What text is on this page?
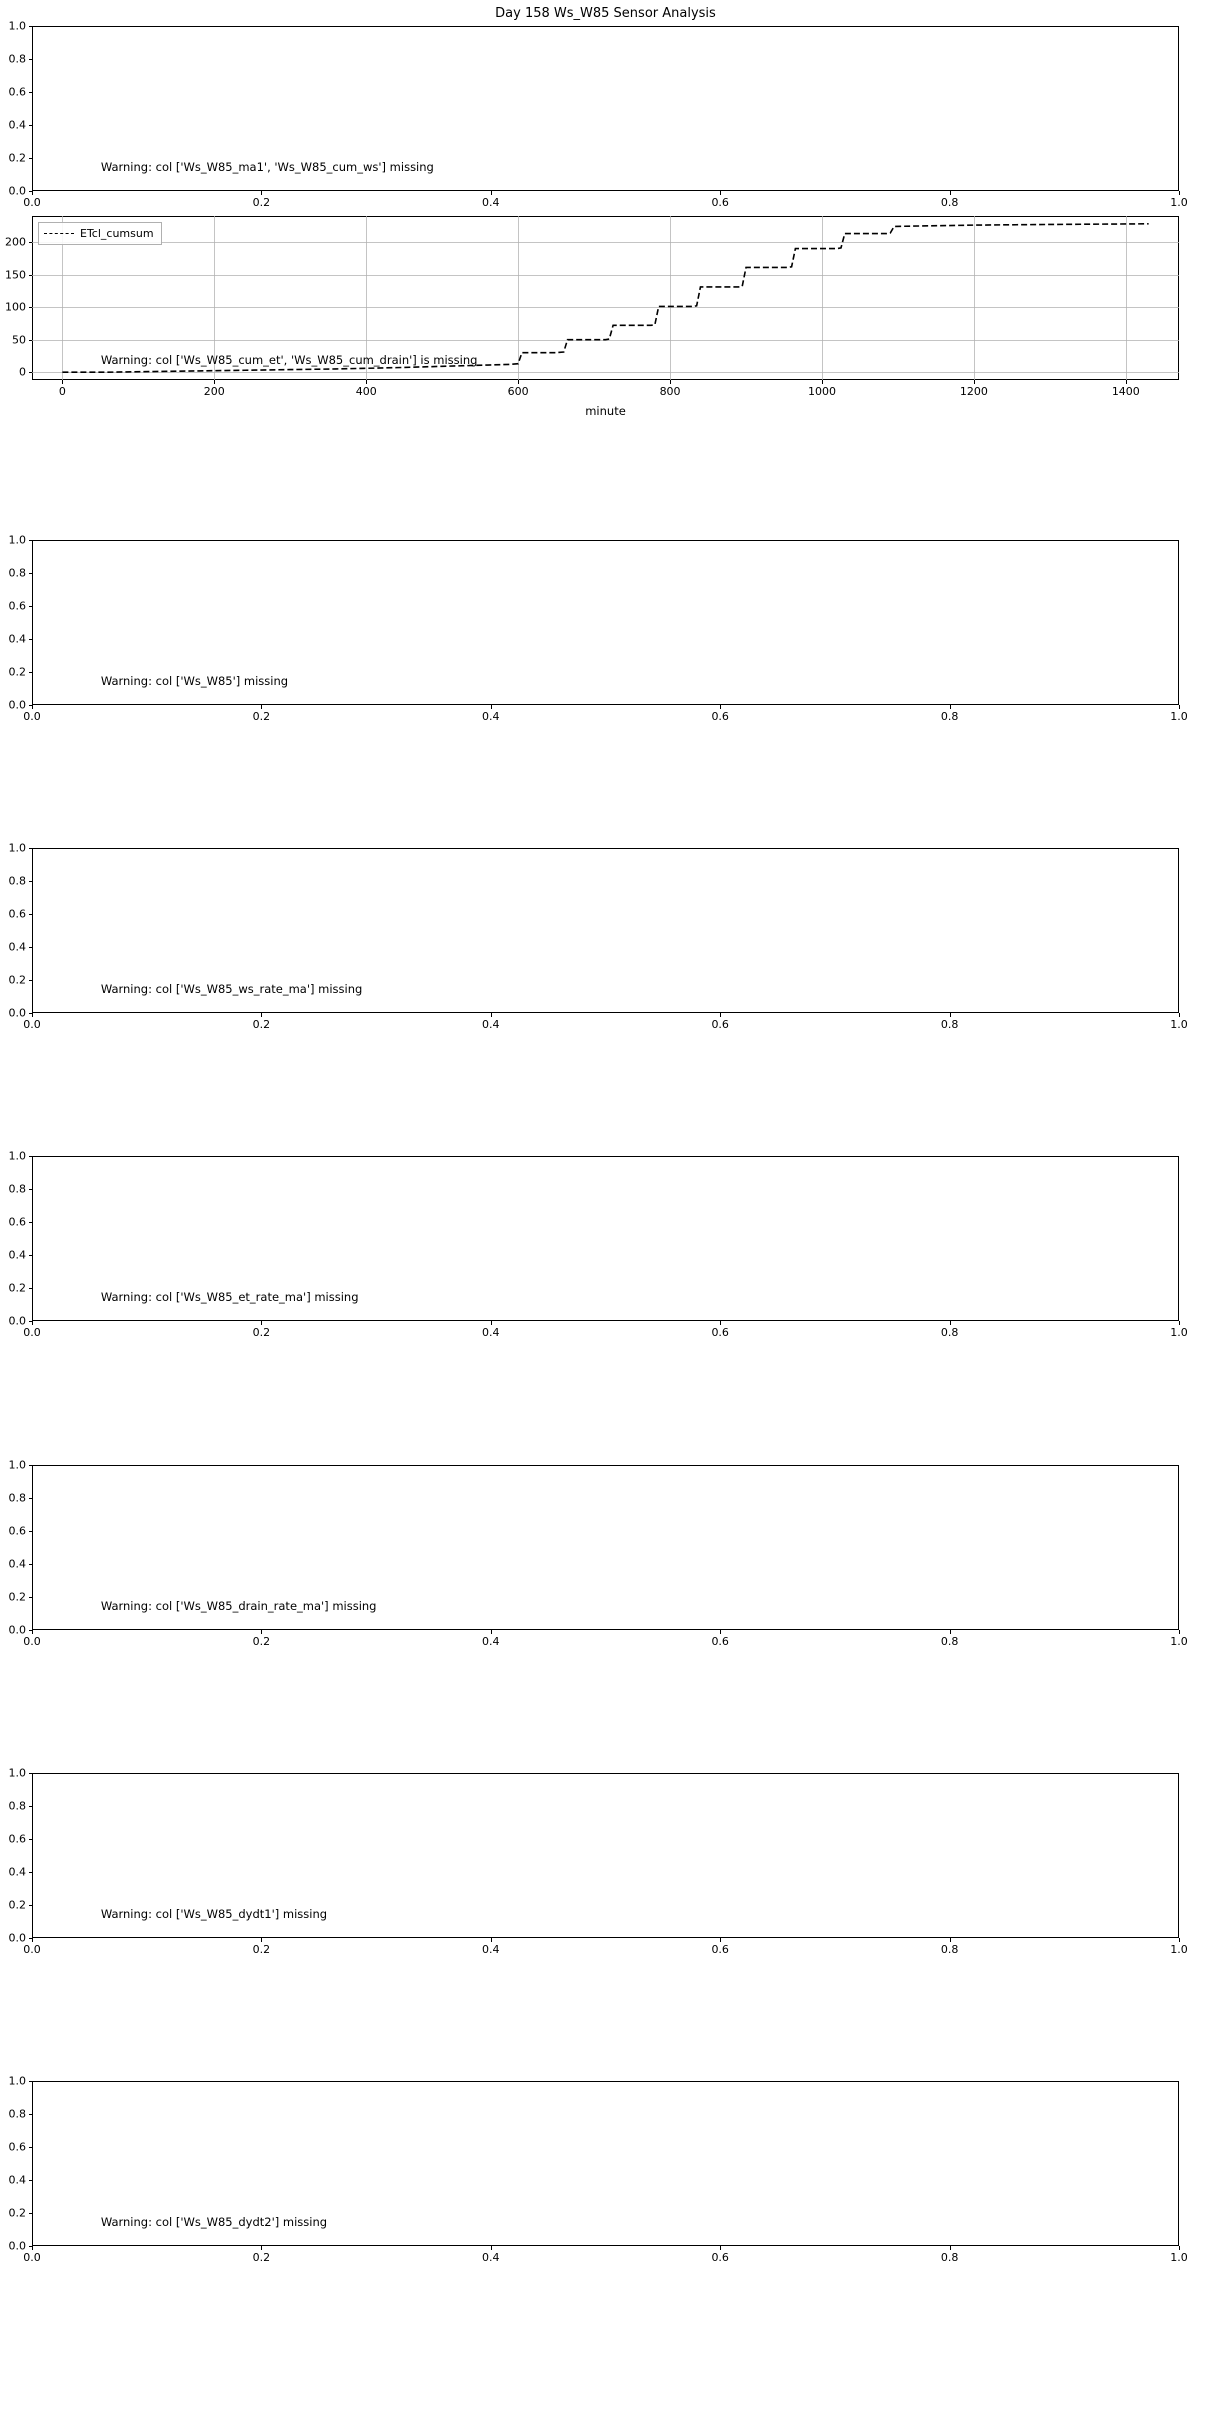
Day 158 Ws_W85 Sensor Analysis
0.0	0.2	0.4	0.6	0.8	1.0
0.0
0.2
0.4
0.6
0.8
1.0
Warning: col ['Ws_W85_ma1', 'Ws_W85_cum_ws'] missing
0	200	400	600	800	1000	1200	1400
0
50
100
150
200
ETcl_cumsum
Warning: col ['Ws_W85_cum_et', 'Ws_W85_cum_drain'] is missing
minute
0.0	0.2	0.4	0.6	0.8	1.0
0.0
0.2
0.4
0.6
0.8
1.0
Warning: col ['Ws_W85'] missing
0.0	0.2	0.4	0.6	0.8	1.0
0.0
0.2
0.4
0.6
0.8
1.0
Warning: col ['Ws_W85_ws_rate_ma'] missing
0.0	0.2	0.4	0.6	0.8	1.0
0.0
0.2
0.4
0.6
0.8
1.0
Warning: col ['Ws_W85_et_rate_ma'] missing
0.0	0.2	0.4	0.6	0.8	1.0
0.0
0.2
0.4
0.6
0.8
1.0
Warning: col ['Ws_W85_drain_rate_ma'] missing
0.0	0.2	0.4	0.6	0.8	1.0
0.0
0.2
0.4
0.6
0.8
1.0
Warning: col ['Ws_W85_dydt1'] missing
0.0	0.2	0.4	0.6	0.8	1.0
0.0
0.2
0.4
0.6
0.8
1.0
Warning: col ['Ws_W85_dydt2'] missing
